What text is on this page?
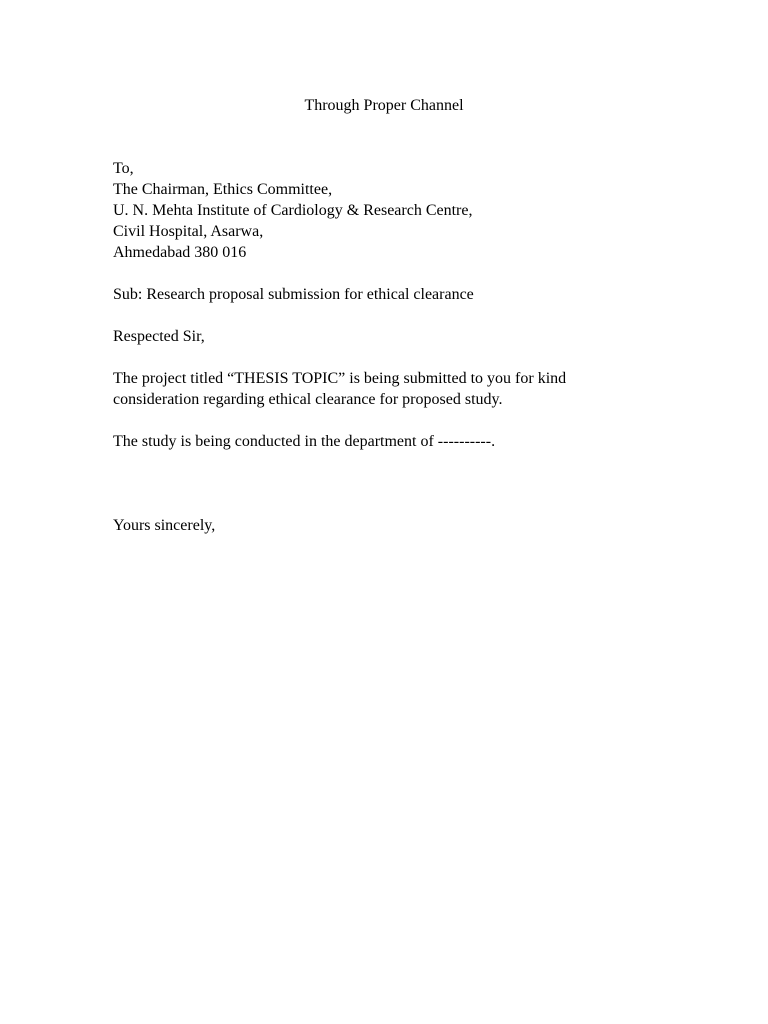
Through Proper Channel
To,
The Chairman, Ethics Committee,
U. N. Mehta Institute of Cardiology & Research Centre,
Civil Hospital, Asarwa,
Ahmedabad 380 016
Sub: Research proposal submission for ethical clearance
Respected Sir,
The project titled “THESIS TOPIC” is being submitted to you for kind
consideration regarding ethical clearance for proposed study.
The study is being conducted in the department of ----------.
Yours sincerely,
